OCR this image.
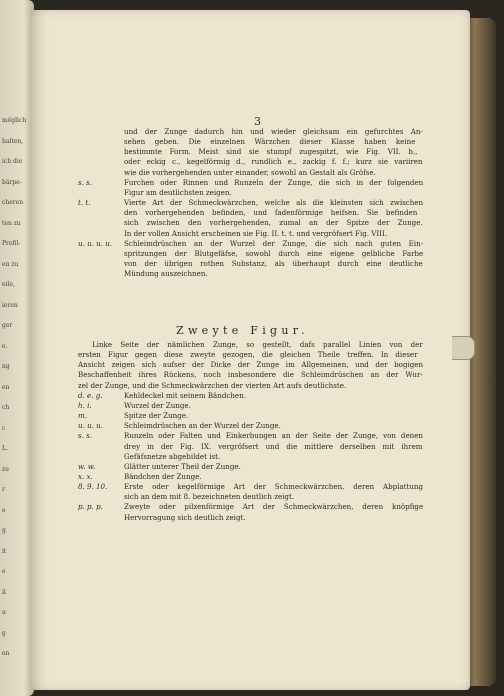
möglich
halten,
ich die
bärpe-
cheren
ten zu
Profil-
en zu
eile,
ieren
ger
e.
ng
en
ch
c
L.
zu
r
e
g
it
e
il
u
g
en
3
Zweyte Figur.
und der Zunge dadurch hin und wieder gleichsam ein gefurchtes An-
sehen geben. Die einzelnen Wärzchen dieser Klasse haben keine
bestimmte Form. Meist sind sie stumpf zugespitzt, wie Fig. VII. b.,
oder eckig c., kegelförmig d., rundlich e., zackig f. f.; kurz sie variiren
wie die vorhergehenden unter einander, sowohl an Gestalt als Gröfse.
s. s.	Furchen oder Rinnen und Runzeln der Zunge, die sich in der folgenden
Figur am deutlichsten zeigen.
t. t.	Vierte Art der Schmeckwärzchen, welche als die kleinsten sich zwischen
den vorhergehenden befinden, und fadenförmige heifsen. Sie befinden
sich zwischen den vorhergehenden, zumal an der Spitze der Zunge.
In der vollen Ansicht erscheinen sie Fig. II. t. t. und vergröfsert Fig. VIII.
u. u. u. u. Schleimdrüschen an der Wurzel der Zunge, die sich nach guten Ein-
spritzungen der Blutgefäfse, sowohl durch eine eigene gelbliche Farbe
von der übrigen rothen Substanz, als überhaupt durch eine deutliche
Mündung auszeichnen.
Linke Seite der nämlichen Zunge, so gestellt, dafs parallel Linien von der
ersten Figur gegen diese zweyte gezogen, die gleichen Theile treffen. In dieser
Ansicht zeigen sich aufser der Dicke der Zunge im Allgemeinen, und der bogigen
Beschaffenheit ihres Rückens, noch insbesondere die Schleimdrüschen an der Wur-
zel der Zunge, und die Schmeckwärzchen der vierten Art aufs deutlichste.
d. e. g.	Kehldeckel mit seinem Bändchen.
h. i.	Wurzel der Zunge.
m.	Spitze der Zunge.
u. u. u.	Schleimdrüschen an der Wurzel der Zunge.
s. s.	Runzeln oder Falten und Einkerbungen an der Seite der Zunge, von denen
drey in der Fig. IX. vergröfsert und die mittlere derselben mit ihrem
Gefäfsnetze abgebildet ist.
w. w.	Glätter unterer Theil der Zunge.
x. x.	Bändchen der Zunge.
8. 9. 10. Erste oder kegelförmige Art der Schmeckwärzchen, deren Abplattung
sich an dem mit 8. bezeichneten deutlich zeigt.
p. p. p.	Zweyte oder pilzenförmige Art der Schmeckwärzchen, deren knöpfige
Hervorragung sich deutlich zeigt.
